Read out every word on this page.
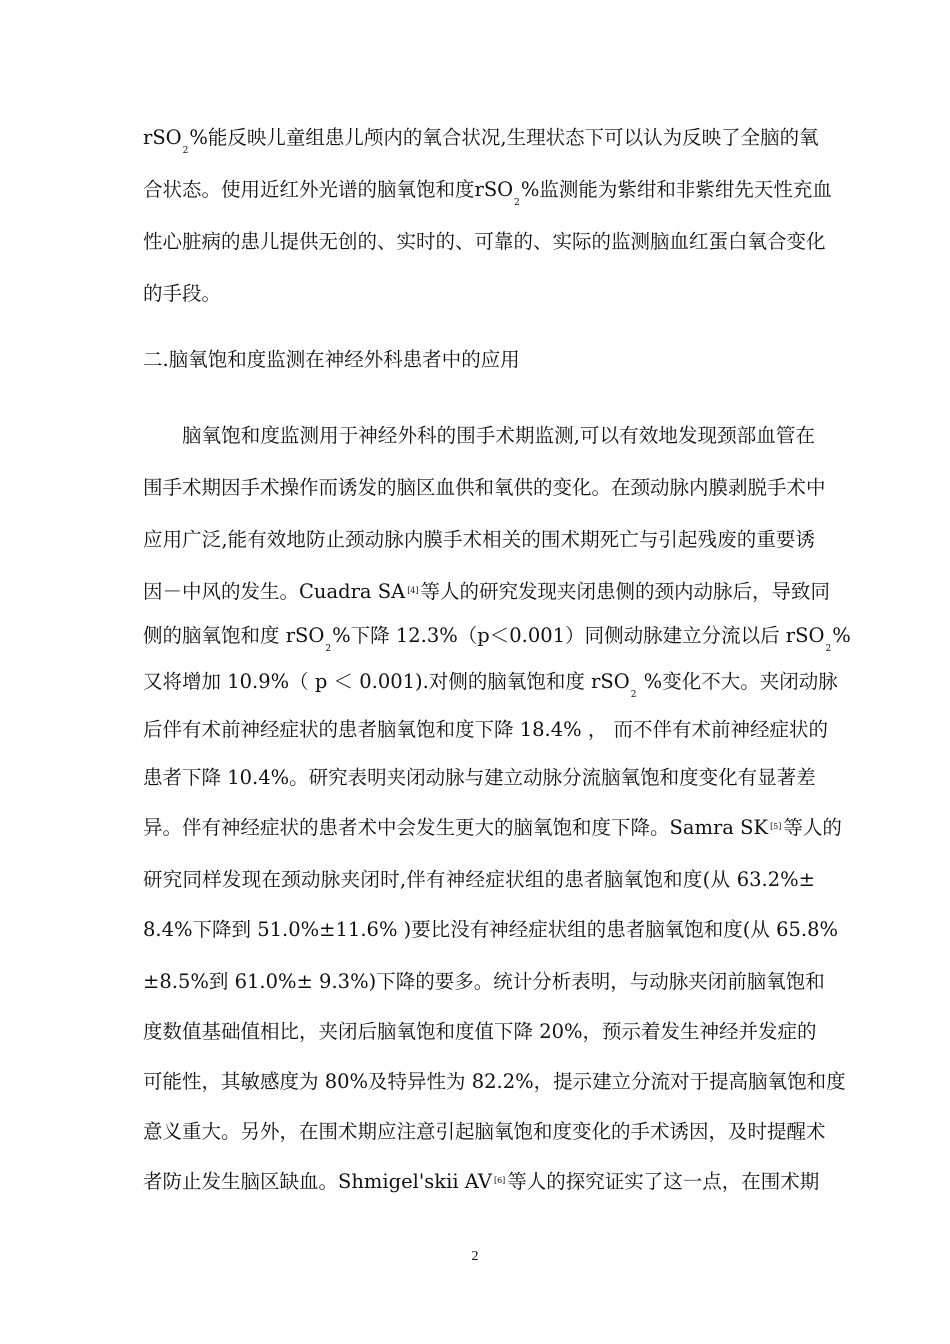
rSO$_2$%能反映儿童组患儿颅内的氧合状况,生理状态下可以认为反映了全脑的氧
合状态。使用近红外光谱的脑氧饱和度rSO$_2$%监测能为紫绀和非紫绀先天性充血
性心脏病的患儿提供无创的、实时的、可靠的、实际的监测脑血红蛋白氧合变化
的手段。
二.脑氧饱和度监测在神经外科患者中的应用
脑氧饱和度监测用于神经外科的围手术期监测,可以有效地发现颈部血管在
围手术期因手术操作而诱发的脑区血供和氧供的变化。在颈动脉内膜剥脱手术中
应用广泛,能有效地防止颈动脉内膜手术相关的围术期死亡与引起残废的重要诱
因－中风的发生。Cuadra SA [4] 等人的研究发现夹闭患侧的颈内动脉后，导致同
侧的脑氧饱和度 rSO$_2$%下降 12.3%（p＜0.001）同侧动脉建立分流以后 rSO$_2$%
又将增加 10.9%（ p ＜ 0.001).对侧的脑氧饱和度 rSO$_2$ %变化不大。夹闭动脉
后伴有术前神经症状的患者脑氧饱和度下降 18.4% ， 而不伴有术前神经症状的
患者下降 10.4%。研究表明夹闭动脉与建立动脉分流脑氧饱和度变化有显著差
异。伴有神经症状的患者术中会发生更大的脑氧饱和度下降。Samra SK [5] 等人的
研究同样发现在颈动脉夹闭时,伴有神经症状组的患者脑氧饱和度(从 63.2%±
8.4%下降到 51.0%±11.6% )要比没有神经症状组的患者脑氧饱和度(从 65.8%
±8.5%到 61.0%± 9.3%)下降的要多。统计分析表明，与动脉夹闭前脑氧饱和
度数值基础值相比，夹闭后脑氧饱和度值下降 20%，预示着发生神经并发症的
可能性，其敏感度为 80%及特异性为 82.2%，提示建立分流对于提高脑氧饱和度
意义重大。另外，在围术期应注意引起脑氧饱和度变化的手术诱因，及时提醒术
者防止发生脑区缺血。Shmigel'skii AV [6] 等人的探究证实了这一点，在围术期
2
